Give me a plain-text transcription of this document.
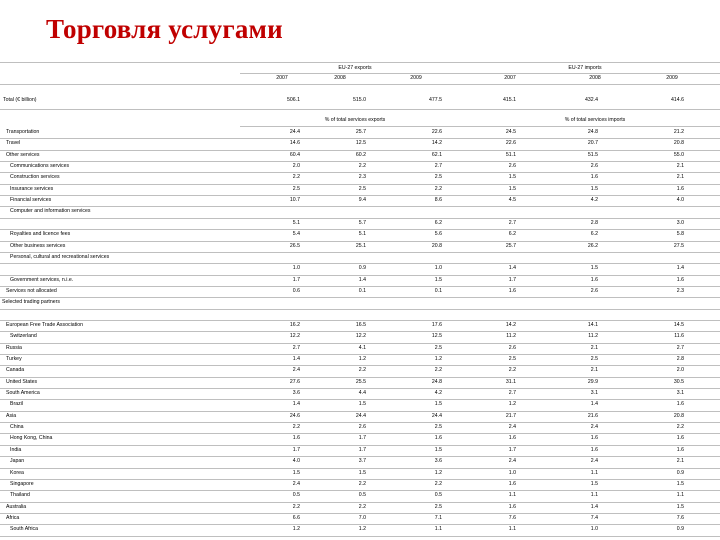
Торговля услугами
EU-27 exports	EU-27 imports
2007	2008	2009	2007	2008	2009
Total (€ billion)	506.1	515.0	477.5	415.1	432.4	414.6
% of total services exports	% of total services imports
Transportation	24.4	25.7	22.6	24.5	24.8	21.2
Travel	14.6	12.5	14.2	22.6	20.7	20.8
Other services	60.4	60.2	62.1	51.1	51.5	55.0
Communications services	2.0	2.2	2.7	2.6	2.6	2.1
Construction services	2.2	2.3	2.5	1.5	1.6	2.1
Insurance services	2.5	2.5	2.2	1.5	1.5	1.6
Financial services	10.7	9.4	8.6	4.5	4.2	4.0
Computer and information services
5.1	5.7	6.2	2.7	2.8	3.0
Royalties and licence fees	5.4	5.1	5.6	6.2	6.2	5.8
Other business services	26.5	25.1	20.8	25.7	26.2	27.5
Personal, cultural and recreational services
1.0	0.9	1.0	1.4	1.5	1.4
Government services, n.i.e.	1.7	1.4	1.5	1.7	1.6	1.6
Services not allocated	0.6	0.1	0.1	1.6	2.6	2.3
Selected trading partners
European Free Trade Association	16.2	16.5	17.6	14.2	14.1	14.5
Switzerland	12.2	12.2	12.5	11.2	11.2	11.6
Russia	2.7	4.1	2.5	2.6	2.1	2.7
Turkey	1.4	1.2	1.2	2.5	2.5	2.8
Canada	2.4	2.2	2.2	2.2	2.1	2.0
United States	27.6	25.5	24.8	31.1	29.9	30.5
South America	3.6	4.4	4.2	2.7	3.1	3.1
Brazil	1.4	1.5	1.5	1.2	1.4	1.6
Asia	24.6	24.4	24.4	21.7	21.6	20.8
China	2.2	2.6	2.5	2.4	2.4	2.2
Hong Kong, China	1.6	1.7	1.6	1.6	1.6	1.6
India	1.7	1.7	1.5	1.7	1.6	1.6
Japan	4.0	3.7	3.6	2.4	2.4	2.1
Korea	1.5	1.5	1.2	1.0	1.1	0.9
Singapore	2.4	2.2	2.2	1.6	1.5	1.5
Thailand	0.5	0.5	0.5	1.1	1.1	1.1
Australia	2.2	2.2	2.5	1.6	1.4	1.5
Africa	6.6	7.0	7.1	7.6	7.4	7.6
South Africa	1.2	1.2	1.1	1.1	1.0	0.9
